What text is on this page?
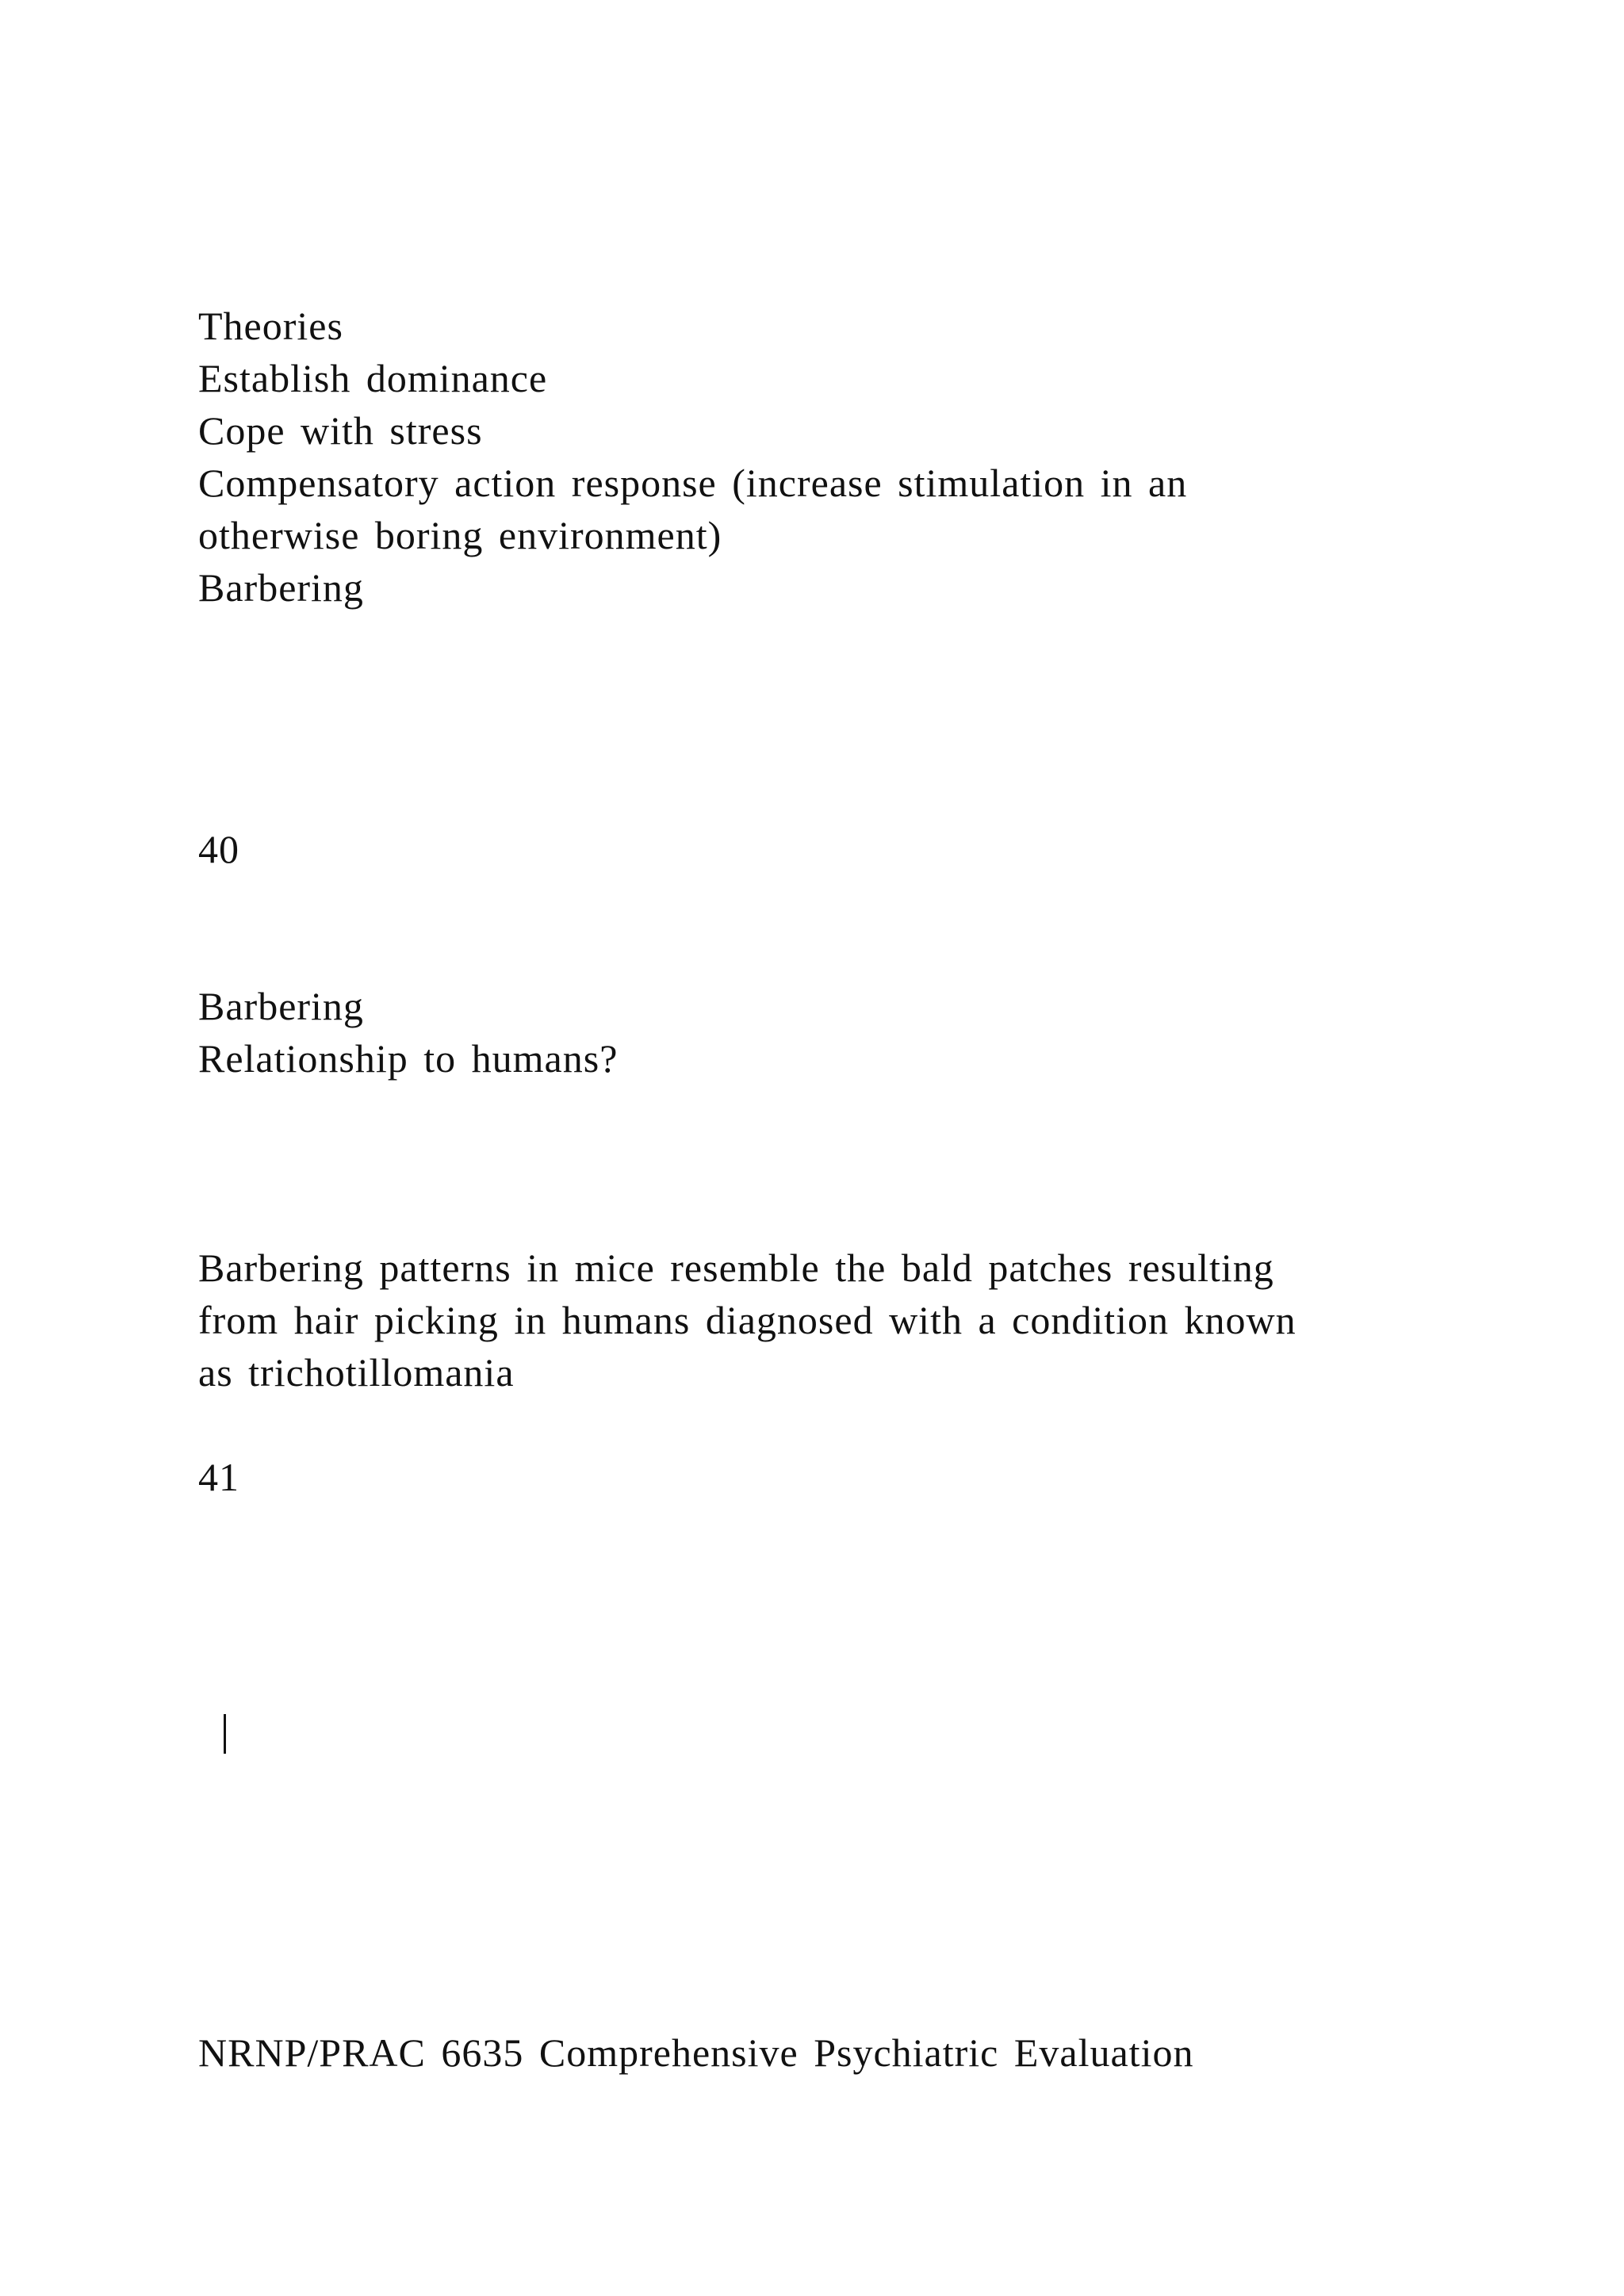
Theories
Establish dominance
Cope with stress
Compensatory action response (increase stimulation in an
otherwise boring environment)
Barbering
40
Barbering
Relationship to humans?
Barbering patterns in mice resemble the bald patches resulting
from hair picking in humans diagnosed with a condition known
as trichotillomania
41
NRNP/PRAC 6635 Comprehensive Psychiatric Evaluation
